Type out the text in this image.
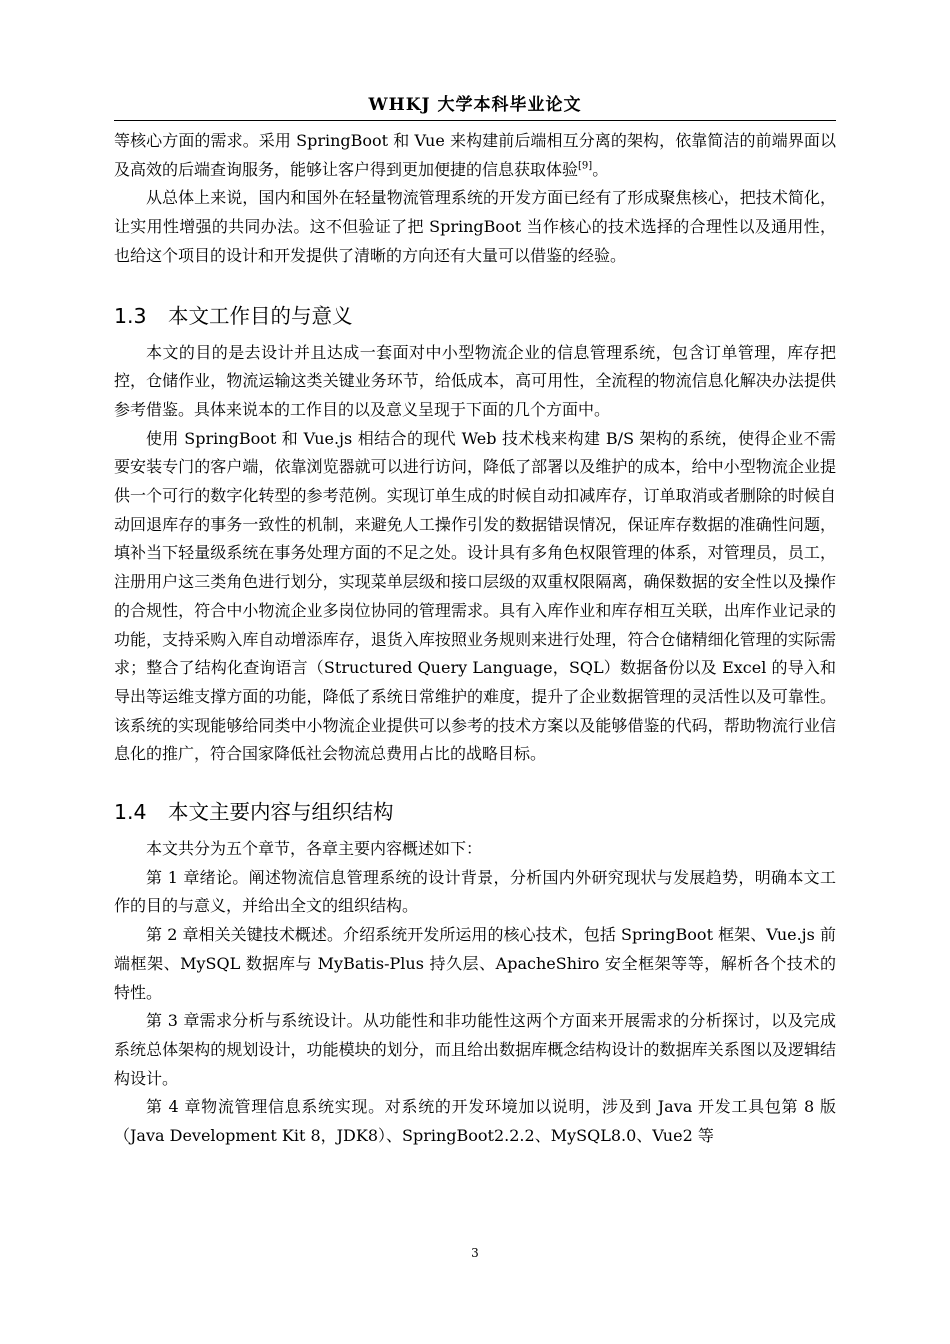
WHKJ 大学本科毕业论文

等核心方面的需求。采用 SpringBoot 和 Vue 来构建前后端相互分离的架构，依靠简洁的前端界面以及高效的后端查询服务，能够让客户得到更加便捷的信息获取体验[9]。

从总体上来说，国内和国外在轻量物流管理系统的开发方面已经有了形成聚焦核心，把技术简化，让实用性增强的共同办法。这不但验证了把 SpringBoot 当作核心的技术选择的合理性以及通用性，也给这个项目的设计和开发提供了清晰的方向还有大量可以借鉴的经验。

1.3 本文工作目的与意义

本文的目的是去设计并且达成一套面对中小型物流企业的信息管理系统，包含订单管理，库存把控，仓储作业，物流运输这类关键业务环节，给低成本，高可用性，全流程的物流信息化解决办法提供参考借鉴。具体来说本的工作目的以及意义呈现于下面的几个方面中。

使用 SpringBoot 和 Vue.js 相结合的现代 Web 技术栈来构建 B/S 架构的系统，使得企业不需要安装专门的客户端，依靠浏览器就可以进行访问，降低了部署以及维护的成本，给中小型物流企业提供一个可行的数字化转型的参考范例。实现订单生成的时候自动扣减库存，订单取消或者删除的时候自动回退库存的事务一致性的机制，来避免人工操作引发的数据错误情况，保证库存数据的准确性问题，填补当下轻量级系统在事务处理方面的不足之处。设计具有多角色权限管理的体系，对管理员，员工，注册用户这三类角色进行划分，实现菜单层级和接口层级的双重权限隔离，确保数据的安全性以及操作的合规性，符合中小物流企业多岗位协同的管理需求。具有入库作业和库存相互关联，出库作业记录的功能，支持采购入库自动增添库存，退货入库按照业务规则来进行处理，符合仓储精细化管理的实际需求；整合了结构化查询语言（Structured Query Language，SQL）数据备份以及 Excel 的导入和导出等运维支撑方面的功能，降低了系统日常维护的难度，提升了企业数据管理的灵活性以及可靠性。该系统的实现能够给同类中小物流企业提供可以参考的技术方案以及能够借鉴的代码，帮助物流行业信息化的推广，符合国家降低社会物流总费用占比的战略目标。

1.4 本文主要内容与组织结构

本文共分为五个章节，各章主要内容概述如下：

第 1 章绪论。阐述物流信息管理系统的设计背景，分析国内外研究现状与发展趋势，明确本文工作的目的与意义，并给出全文的组织结构。

第 2 章相关关键技术概述。介绍系统开发所运用的核心技术，包括 SpringBoot 框架、Vue.js 前端框架、MySQL 数据库与 MyBatis-Plus 持久层、ApacheShiro 安全框架等等，解析各个技术的特性。

第 3 章需求分析与系统设计。从功能性和非功能性这两个方面来开展需求的分析探讨，以及完成系统总体架构的规划设计，功能模块的划分，而且给出数据库概念结构设计的数据库关系图以及逻辑结构设计。

第 4 章物流管理信息系统实现。对系统的开发环境加以说明，涉及到 Java 开发工具包第 8 版（Java Development Kit 8，JDK8）、SpringBoot2.2.2、MySQL8.0、Vue2 等

3
